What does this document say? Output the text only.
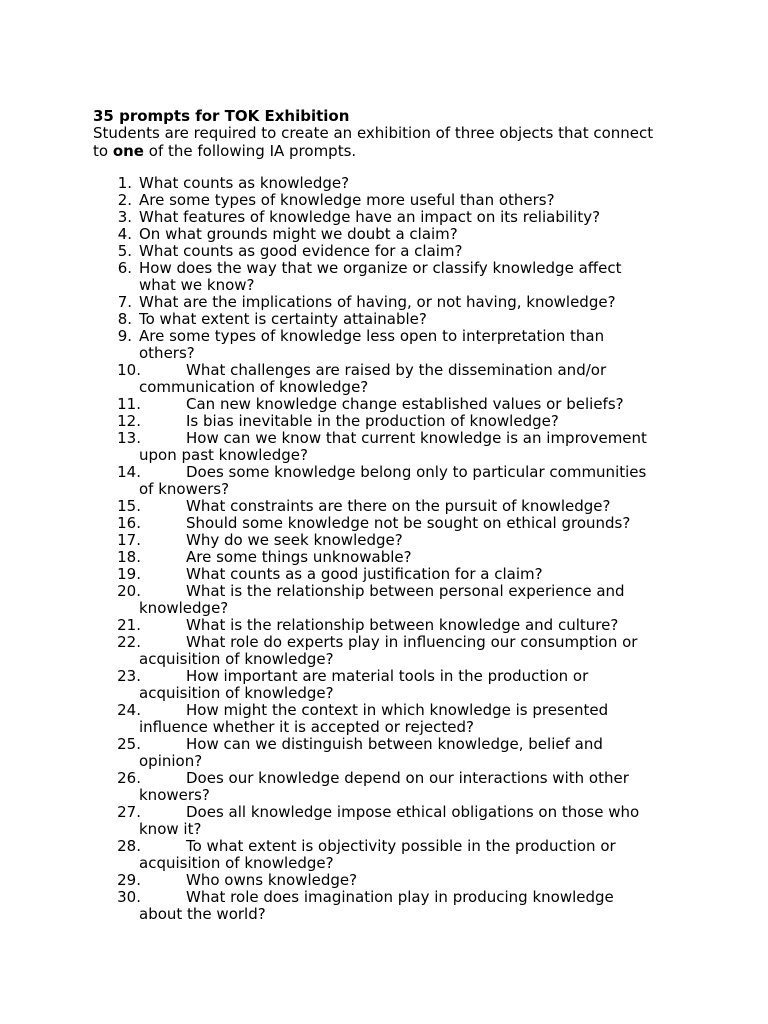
35 prompts for TOK Exhibition
Students are required to create an exhibition of three objects that connect
to one of the following IA prompts.
1. What counts as knowledge?
2. Are some types of knowledge more useful than others?
3. What features of knowledge have an impact on its reliability?
4. On what grounds might we doubt a claim?
5. What counts as good evidence for a claim?
6. How does the way that we organize or classify knowledge affect
what we know?
7. What are the implications of having, or not having, knowledge?
8. To what extent is certainty attainable?
9. Are some types of knowledge less open to interpretation than
others?
10.	What challenges are raised by the dissemination and/or
communication of knowledge?
11.	Can new knowledge change established values or beliefs?
12.	Is bias inevitable in the production of knowledge?
13.	How can we know that current knowledge is an improvement
upon past knowledge?
14.	Does some knowledge belong only to particular communities
of knowers?
15.	What constraints are there on the pursuit of knowledge?
16.	Should some knowledge not be sought on ethical grounds?
17.	Why do we seek knowledge?
18.	Are some things unknowable?
19.	What counts as a good justification for a claim?
20.	What is the relationship between personal experience and
knowledge?
21.	What is the relationship between knowledge and culture?
22.	What role do experts play in influencing our consumption or
acquisition of knowledge?
23.	How important are material tools in the production or
acquisition of knowledge?
24.	How might the context in which knowledge is presented
influence whether it is accepted or rejected?
25.	How can we distinguish between knowledge, belief and
opinion?
26.	Does our knowledge depend on our interactions with other
knowers?
27.	Does all knowledge impose ethical obligations on those who
know it?
28.	To what extent is objectivity possible in the production or
acquisition of knowledge?
29.	Who owns knowledge?
30.	What role does imagination play in producing knowledge
about the world?
